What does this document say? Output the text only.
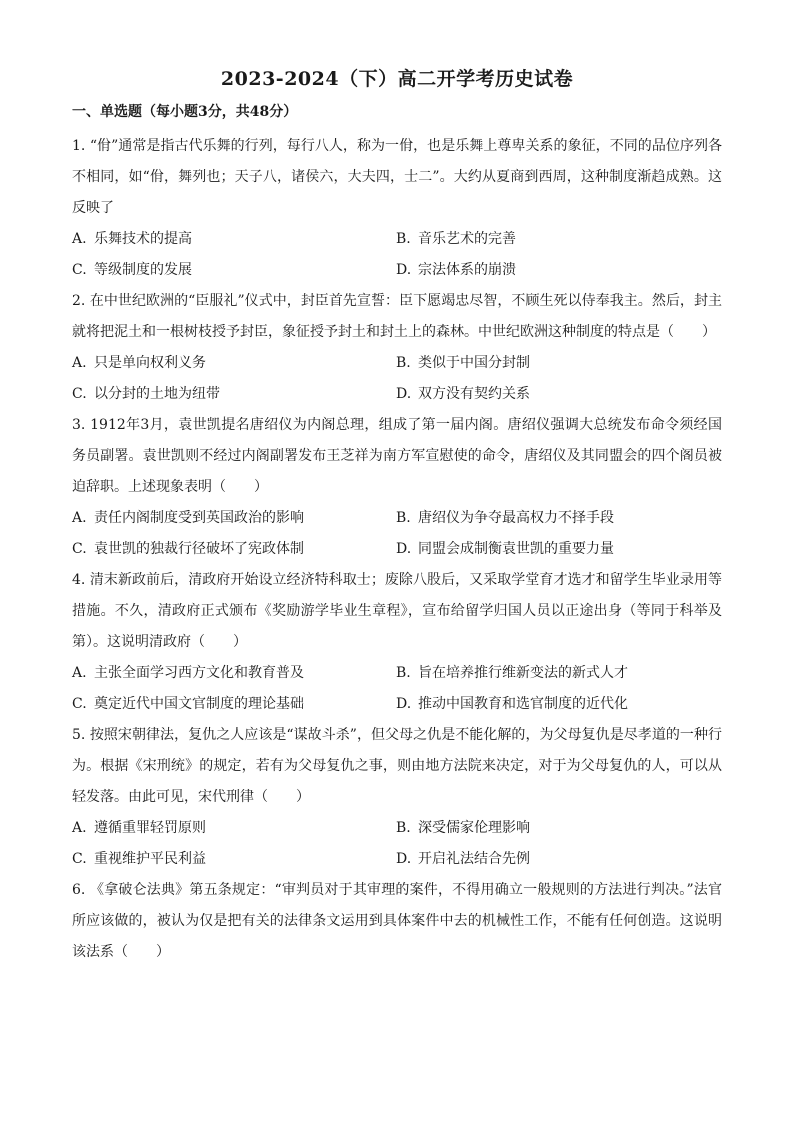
2023-2024（下）高二开学考历史试卷
一、单选题（每小题3分，共48分）

1. “佾”通常是指古代乐舞的行列，每行八人，称为一佾，也是乐舞上尊卑关系的象征，不同的品位序列各不相同，如“佾，舞列也；天子八，诸侯六，大夫四，士二”。大约从夏商到西周，这种制度渐趋成熟。这反映了

A. 乐舞技术的提高	B. 音乐艺术的完善
C. 等级制度的发展	D. 宗法体系的崩溃

2. 在中世纪欧洲的“臣服礼”仪式中，封臣首先宣誓：臣下愿竭忠尽智，不顾生死以侍奉我主。然后，封主就将把泥土和一根树枝授予封臣，象征授予封土和封土上的森林。中世纪欧洲这种制度的特点是（　　）

A. 只是单向权利义务	B. 类似于中国分封制
C. 以分封的土地为纽带	D. 双方没有契约关系

3. 1912年3月，袁世凯提名唐绍仪为内阁总理，组成了第一届内阁。唐绍仪强调大总统发布命令须经国务员副署。袁世凯则不经过内阁副署发布王芝祥为南方军宣慰使的命令，唐绍仪及其同盟会的四个阁员被迫辞职。上述现象表明（　　）

A. 责任内阁制度受到英国政治的影响	B. 唐绍仪为争夺最高权力不择手段
C. 袁世凯的独裁行径破坏了宪政体制	D. 同盟会成制衡袁世凯的重要力量

4. 清末新政前后，清政府开始设立经济特科取士；废除八股后，又采取学堂育才选才和留学生毕业录用等措施。不久，清政府正式颁布《奖励游学毕业生章程》，宣布给留学归国人员以正途出身（等同于科举及第）。这说明清政府（　　）

A. 主张全面学习西方文化和教育普及	B. 旨在培养推行维新变法的新式人才
C. 奠定近代中国文官制度的理论基础	D. 推动中国教育和选官制度的近代化

5. 按照宋朝律法，复仇之人应该是“谋故斗杀”，但父母之仇是不能化解的，为父母复仇是尽孝道的一种行为。根据《宋刑统》的规定，若有为父母复仇之事，则由地方法院来决定，对于为父母复仇的人，可以从轻发落。由此可见，宋代刑律（　　）

A. 遵循重罪轻罚原则	B. 深受儒家伦理影响
C. 重视维护平民利益	D. 开启礼法结合先例

6. 《拿破仑法典》第五条规定：“审判员对于其审理的案件，不得用确立一般规则的方法进行判决。”法官所应该做的，被认为仅是把有关的法律条文运用到具体案件中去的机械性工作，不能有任何创造。这说明该法系（　　）
